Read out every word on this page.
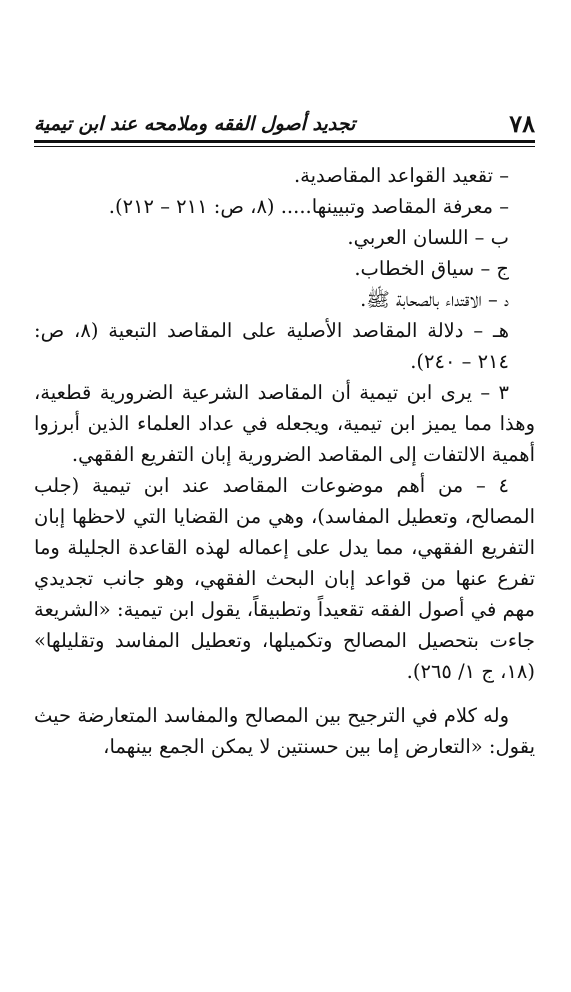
٧٨
تجديد أصول الفقه وملامحه عند ابن تيمية

– تقعيد القواعد المقاصدية.

– معرفة المقاصد وتبيينها..... (٨، ص: ٢١١ – ٢١٢).

ب – اللسان العربي.

ج – سياق الخطاب.

د – الاقتداء بالصحابة ﷺ.

هـ – دلالة المقاصد الأصلية على المقاصد التبعية (٨، ص: ٢١٤ – ٢٤٠).

٣ – يرى ابن تيمية أن المقاصد الشرعية الضرورية قطعية، وهذا مما يميز ابن تيمية، ويجعله في عداد العلماء الذين أبرزوا أهمية الالتفات إلى المقاصد الضرورية إبان التفريع الفقهي.

٤ – من أهم موضوعات المقاصد عند ابن تيمية (جلب المصالح، وتعطيل المفاسد)، وهي من القضايا التي لاحظها إبان التفريع الفقهي، مما يدل على إعماله لهذه القاعدة الجليلة وما تفرع عنها من قواعد إبان البحث الفقهي، وهو جانب تجديدي مهم في أصول الفقه تقعيداً وتطبيقاً، يقول ابن تيمية: «الشريعة جاءت بتحصيل المصالح وتكميلها، وتعطيل المفاسد وتقليلها» (١٨، ج ١/ ٢٦٥).

وله كلام في الترجيح بين المصالح والمفاسد المتعارضة حيث يقول: «التعارض إما بين حسنتين لا يمكن الجمع بينهما،
